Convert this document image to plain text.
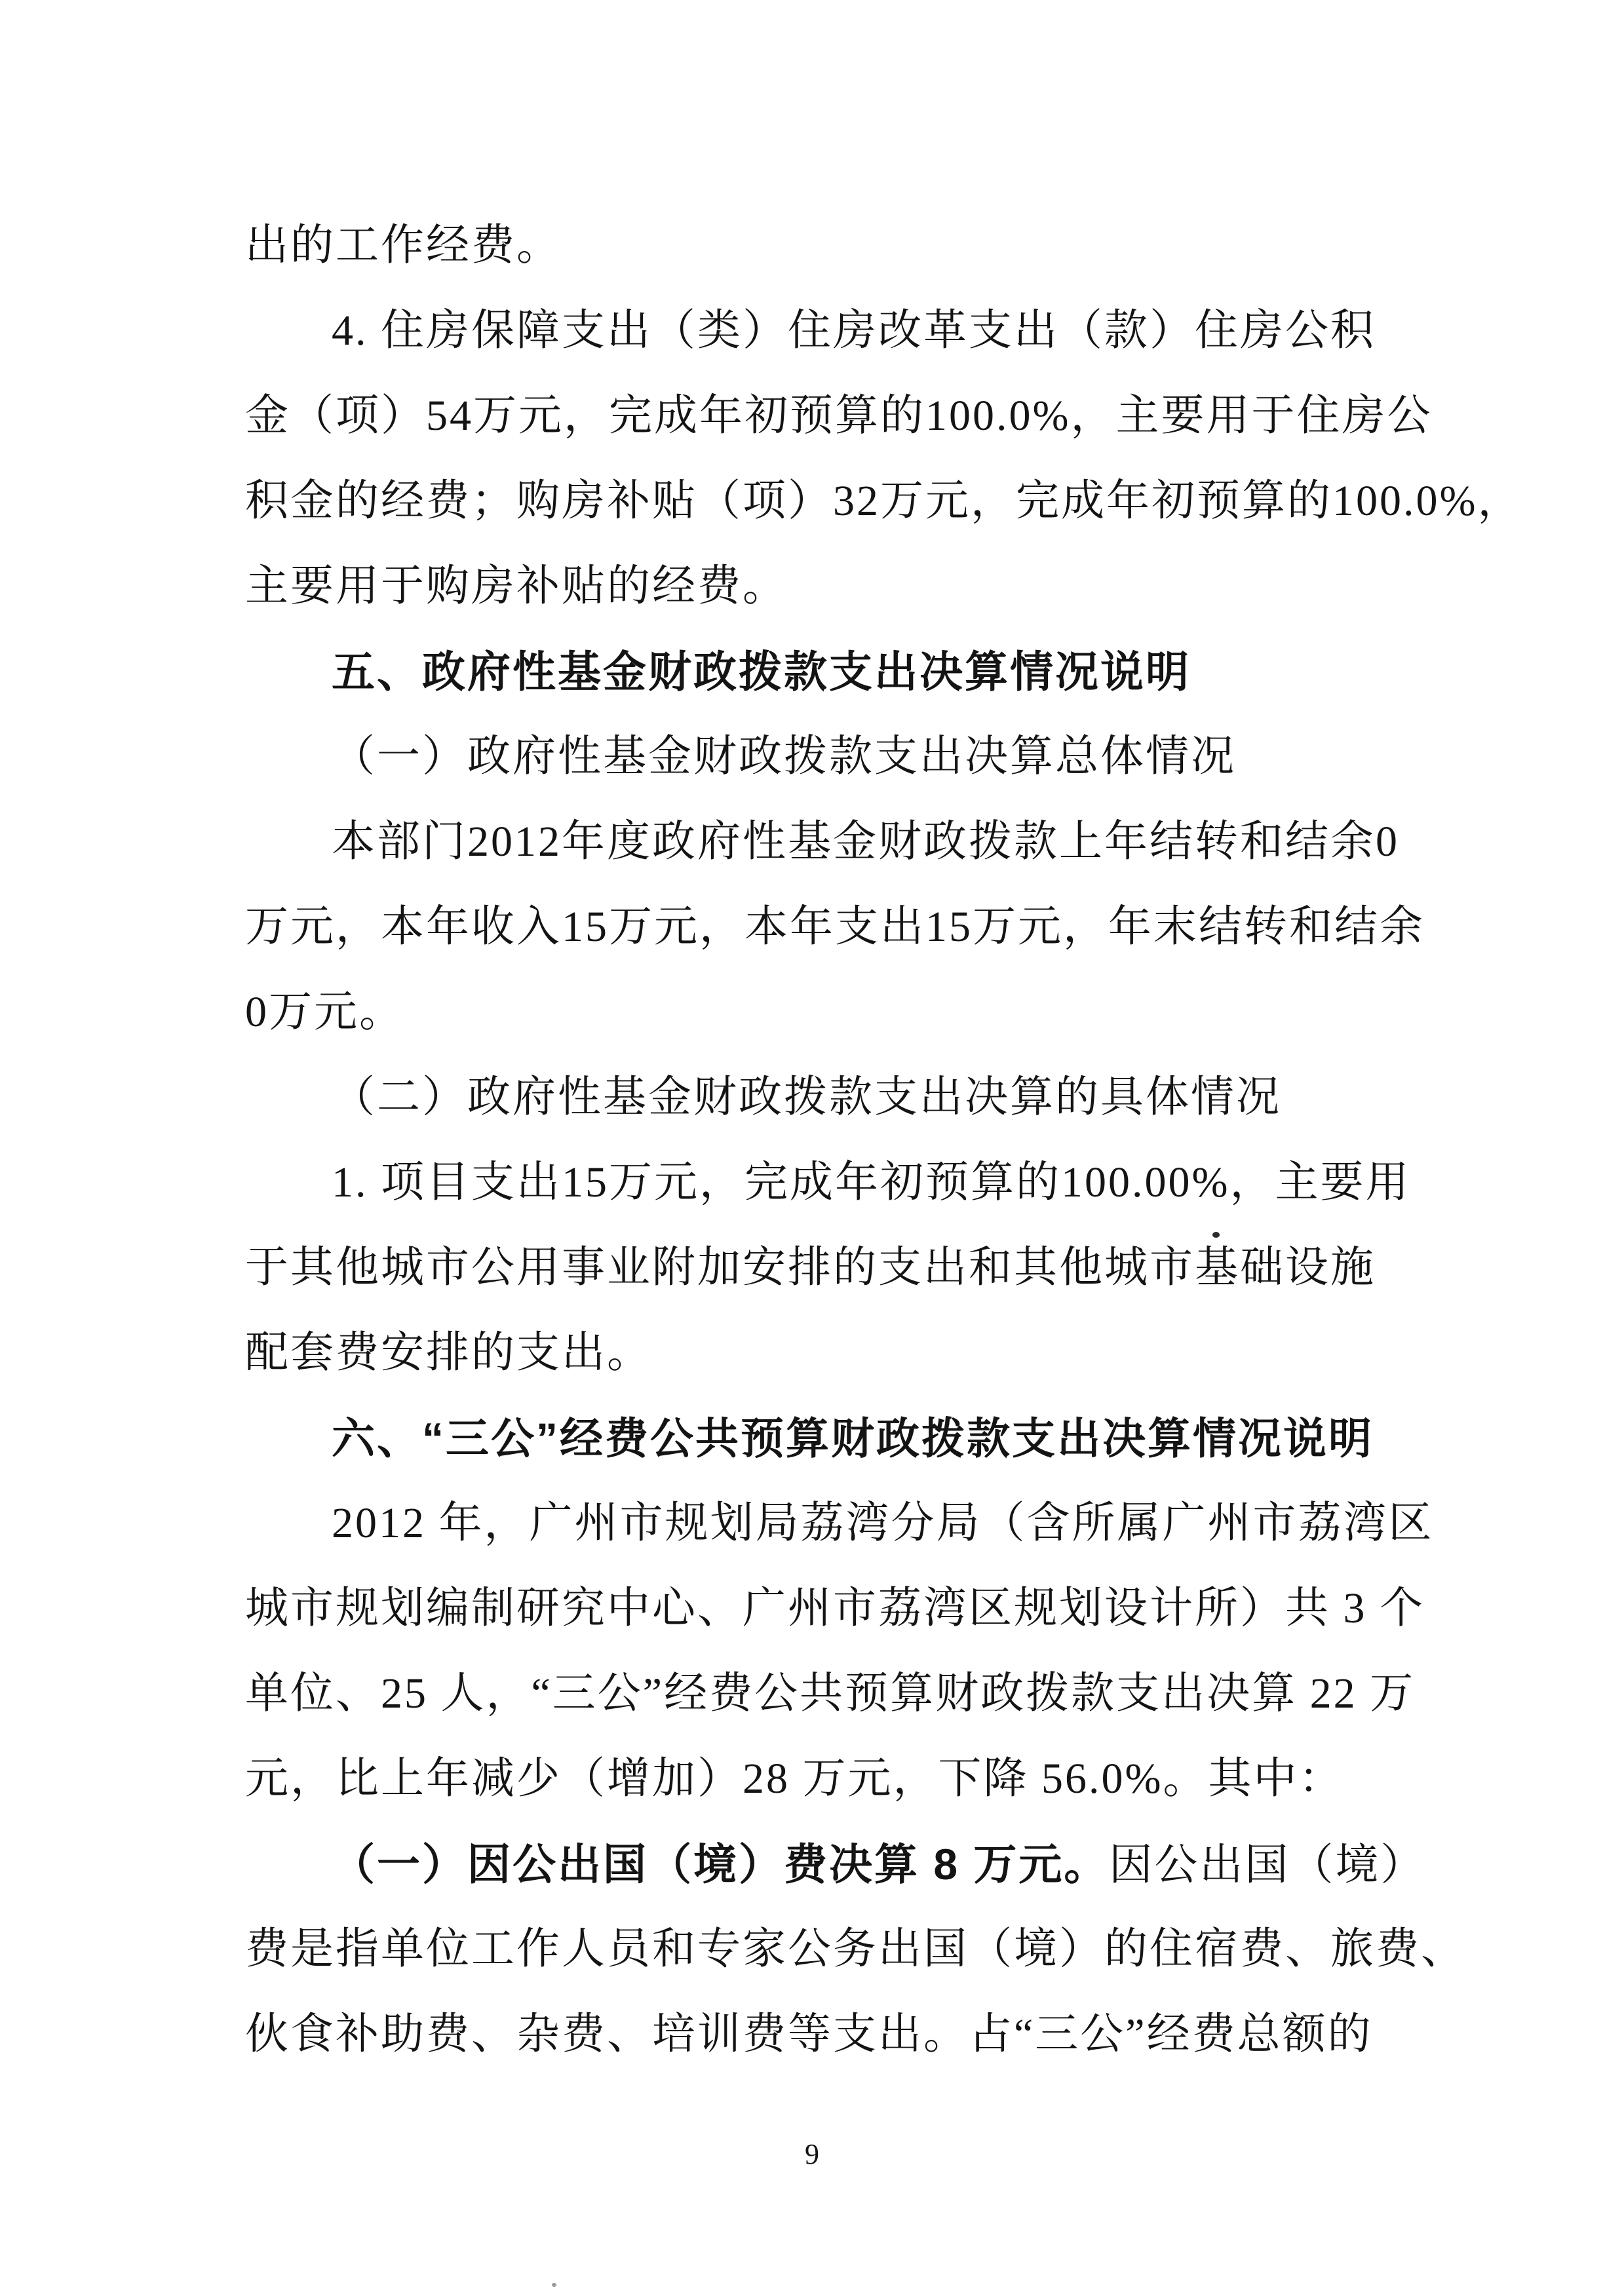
出的工作经费。
4. 住房保障支出（类）住房改革支出（款）住房公积
金（项）54万元，完成年初预算的100.0%，主要用于住房公
积金的经费；购房补贴（项）32万元，完成年初预算的100.0%，
主要用于购房补贴的经费。
五、政府性基金财政拨款支出决算情况说明
（一）政府性基金财政拨款支出决算总体情况
本部门2012年度政府性基金财政拨款上年结转和结余0
万元，本年收入15万元，本年支出15万元，年末结转和结余
0万元。
（二）政府性基金财政拨款支出决算的具体情况
1. 项目支出15万元，完成年初预算的100.00%，主要用
于其他城市公用事业附加安排的支出和其他城市基础设施
配套费安排的支出。
六、“三公”经费公共预算财政拨款支出决算情况说明
2012 年，广州市规划局荔湾分局（含所属广州市荔湾区
城市规划编制研究中心、广州市荔湾区规划设计所）共 3 个
单位、25 人，“三公”经费公共预算财政拨款支出决算 22 万
元，比上年减少（增加）28 万元，下降 56.0%。其中：
（一）因公出国（境）费决算 8 万元。因公出国（境）
费是指单位工作人员和专家公务出国（境）的住宿费、旅费、
伙食补助费、杂费、培训费等支出。占“三公”经费总额的
9
